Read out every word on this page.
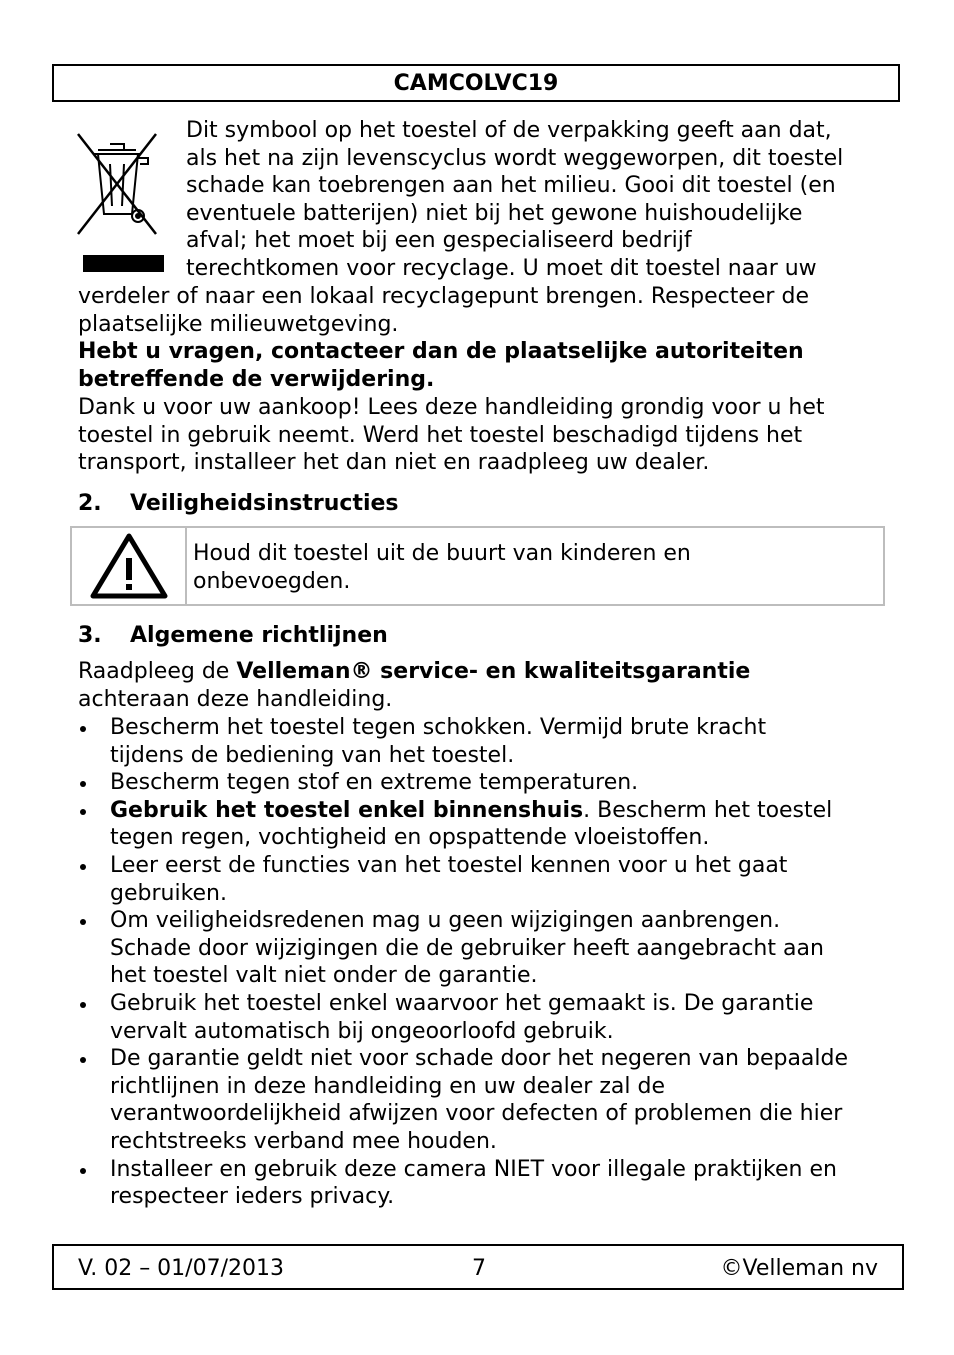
CAMCOLVC19

Dit symbool op het toestel of de verpakking geeft aan dat,
als het na zijn levenscyclus wordt weggeworpen, dit toestel
schade kan toebrengen aan het milieu. Gooi dit toestel (en
eventuele batterijen) niet bij het gewone huishoudelijke
afval; het moet bij een gespecialiseerd bedrijf
terechtkomen voor recyclage. U moet dit toestel naar uw

verdeler of naar een lokaal recyclagepunt brengen. Respecteer de
plaatselijke milieuwetgeving.

Hebt u vragen, contacteer dan de plaatselijke autoriteiten
betreffende de verwijdering.

Dank u voor uw aankoop! Lees deze handleiding grondig voor u het
toestel in gebruik neemt. Werd het toestel beschadigd tijdens het
transport, installeer het dan niet en raadpleeg uw dealer.

2. Veiligheidsinstructies
Houd dit toestel uit de buurt van kinderen en
onbevoegden.
3. Algemene richtlijnen

Raadpleeg de Velleman® service- en kwaliteitsgarantie
achteraan deze handleiding.

Bescherm het toestel tegen schokken. Vermijd brute kracht
tijdens de bediening van het toestel.
Bescherm tegen stof en extreme temperaturen.
Gebruik het toestel enkel binnenshuis. Bescherm het toestel
tegen regen, vochtigheid en opspattende vloeistoffen.
Leer eerst de functies van het toestel kennen voor u het gaat
gebruiken.
Om veiligheidsredenen mag u geen wijzigingen aanbrengen.
Schade door wijzigingen die de gebruiker heeft aangebracht aan
het toestel valt niet onder de garantie.
Gebruik het toestel enkel waarvoor het gemaakt is. De garantie
vervalt automatisch bij ongeoorloofd gebruik.
De garantie geldt niet voor schade door het negeren van bepaalde
richtlijnen in deze handleiding en uw dealer zal de
verantwoordelijkheid afwijzen voor defecten of problemen die hier
rechtstreeks verband mee houden.
Installeer en gebruik deze camera NIET voor illegale praktijken en
respecteer ieders privacy.
V. 02 – 01/07/2013	7	©Velleman nv
